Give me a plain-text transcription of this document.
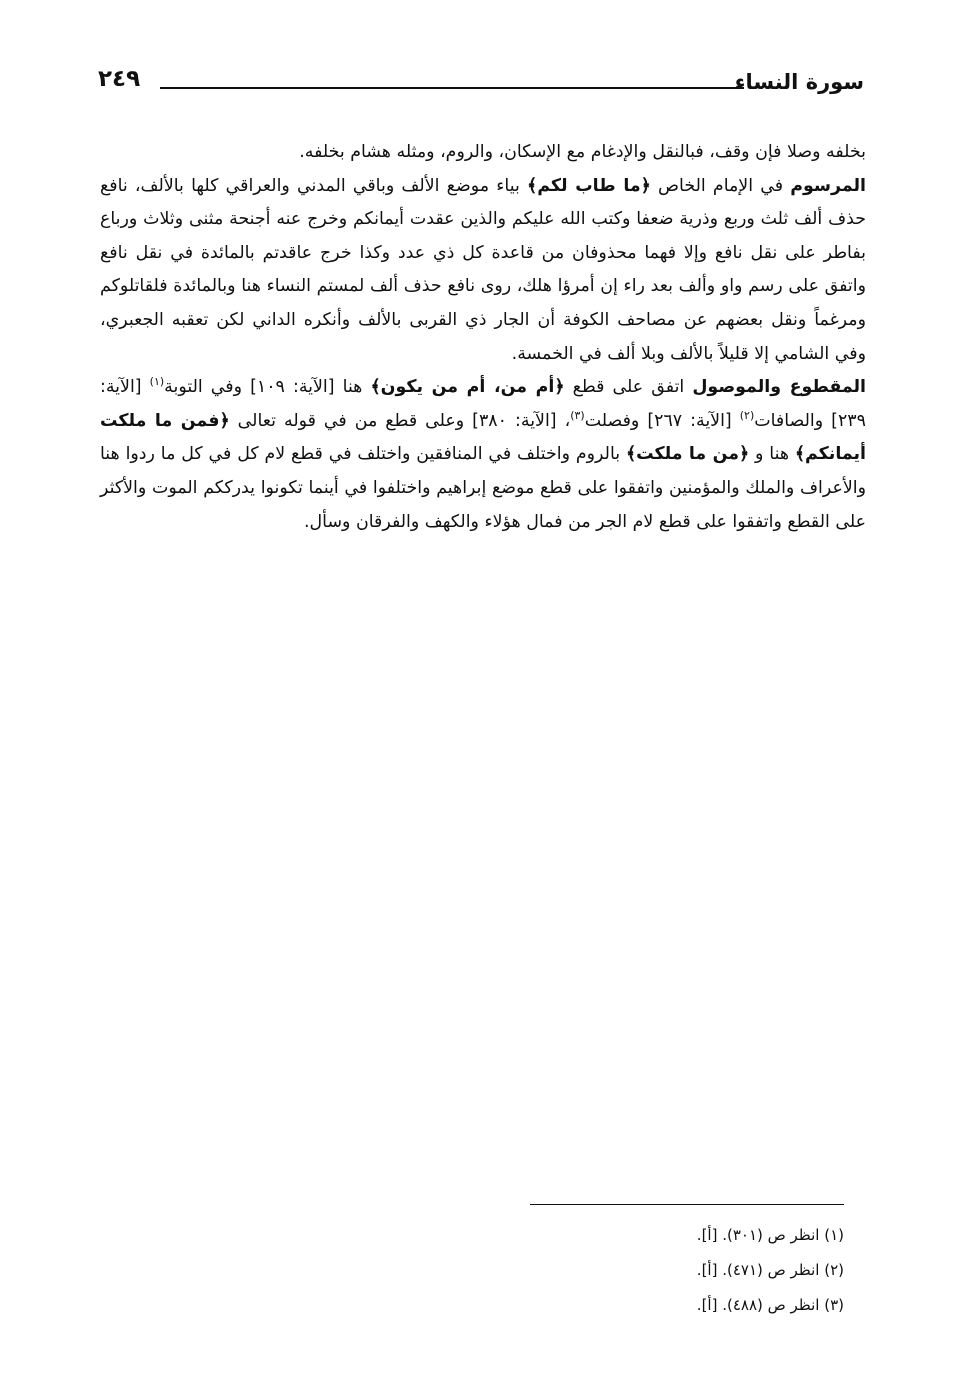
سورة النساء
٢٤٩

بخلفه وصلا فإن وقف، فبالنقل والإدغام مع الإسكان، والروم، ومثله هشام بخلفه.

المرسوم في الإمام الخاص ﴿ما طاب لكم﴾ بياء موضع الألف وباقي المدني والعراقي كلها بالألف، نافع حذف ألف ثلث وربع وذرية ضعفا وكتب الله عليكم والذين عقدت أيمانكم وخرج عنه أجنحة مثنى وثلاث ورباع بفاطر على نقل نافع وإلا فهما محذوفان من قاعدة كل ذي عدد وكذا خرج عاقدتم بالمائدة في نقل نافع واتفق على رسم واو وألف بعد راء إن أمرؤا هلك، روى نافع حذف ألف لمستم النساء هنا وبالمائدة فلقاتلوكم ومرغماً ونقل بعضهم عن مصاحف الكوفة أن الجار ذي القربى بالألف وأنكره الداني لكن تعقبه الجعبري، وفي الشامي إلا قليلاً بالألف وبلا ألف في الخمسة.

المقطوع والموصول اتفق على قطع ﴿أم من، أم من يكون﴾ هنا [الآية: ١٠٩] وفي التوبة$^{(١)}$ [الآية: ٢٣٩] والصافات$^{(٢)}$ [الآية: ٢٦٧] وفصلت$^{(٣)}$، [الآية: ٣٨٠] وعلى قطع من في قوله تعالى ﴿فمن ما ملكت أيمانكم﴾ هنا و ﴿من ما ملكت﴾ بالروم واختلف في المنافقين واختلف في قطع لام كل في كل ما ردوا هنا والأعراف والملك والمؤمنين واتفقوا على قطع موضع إبراهيم واختلفوا في أينما تكونوا يدرككم الموت والأكثر على القطع واتفقوا على قطع لام الجر من فمال هؤلاء والكهف والفرقان وسأل.

(١) انظر ص (٣٠١). [أ].
(٢) انظر ص (٤٧١). [أ].
(٣) انظر ص (٤٨٨). [أ].
